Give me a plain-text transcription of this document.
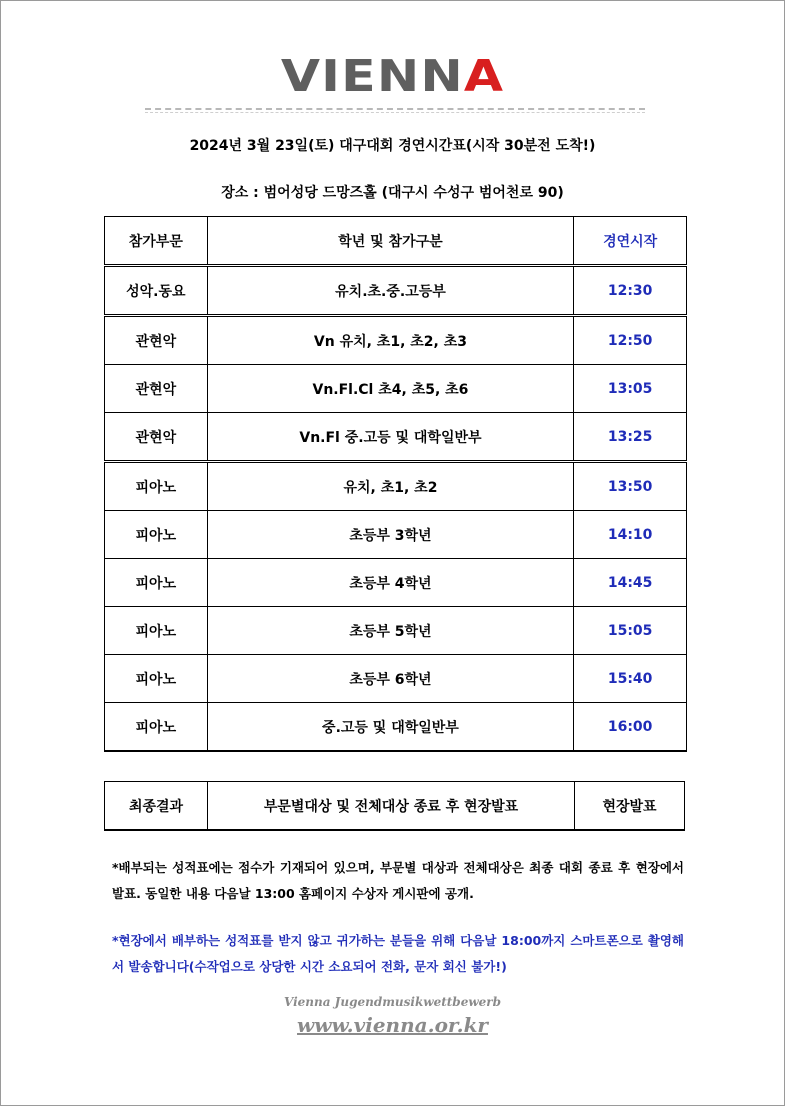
VIENNA
2024년 3월 23일(토) 대구대회 경연시간표(시작 30분전 도착!)
장소 : 범어성당 드망즈홀 (대구시 수성구 범어천로 90)
참가부문	학년 및 참가구분	경연시작
성악.동요	유치.초.중.고등부	12:30
관현악	Vn 유치, 초1, 초2, 초3	12:50
관현악	Vn.Fl.Cl 초4, 초5, 초6	13:05
관현악	Vn.Fl 중.고등 및 대학일반부	13:25
피아노	유치, 초1, 초2	13:50
피아노	초등부 3학년	14:10
피아노	초등부 4학년	14:45
피아노	초등부 5학년	15:05
피아노	초등부 6학년	15:40
피아노	중.고등 및 대학일반부	16:00
최종결과	부문별대상 및 전체대상 종료 후 현장발표	현장발표
*배부되는 성적표에는 점수가 기재되어 있으며, 부문별 대상과 전체대상은 최종 대회 종료 후 현장에서 발표. 동일한 내용 다음날 13:00 홈페이지 수상자 게시판에 공개.
*현장에서 배부하는 성적표를 받지 않고 귀가하는 분들을 위해 다음날 18:00까지 스마트폰으로 촬영해서 발송합니다(수작업으로 상당한 시간 소요되어 전화, 문자 회신 불가!)
Vienna Jugendmusikwettbewerb
www.vienna.or.kr
